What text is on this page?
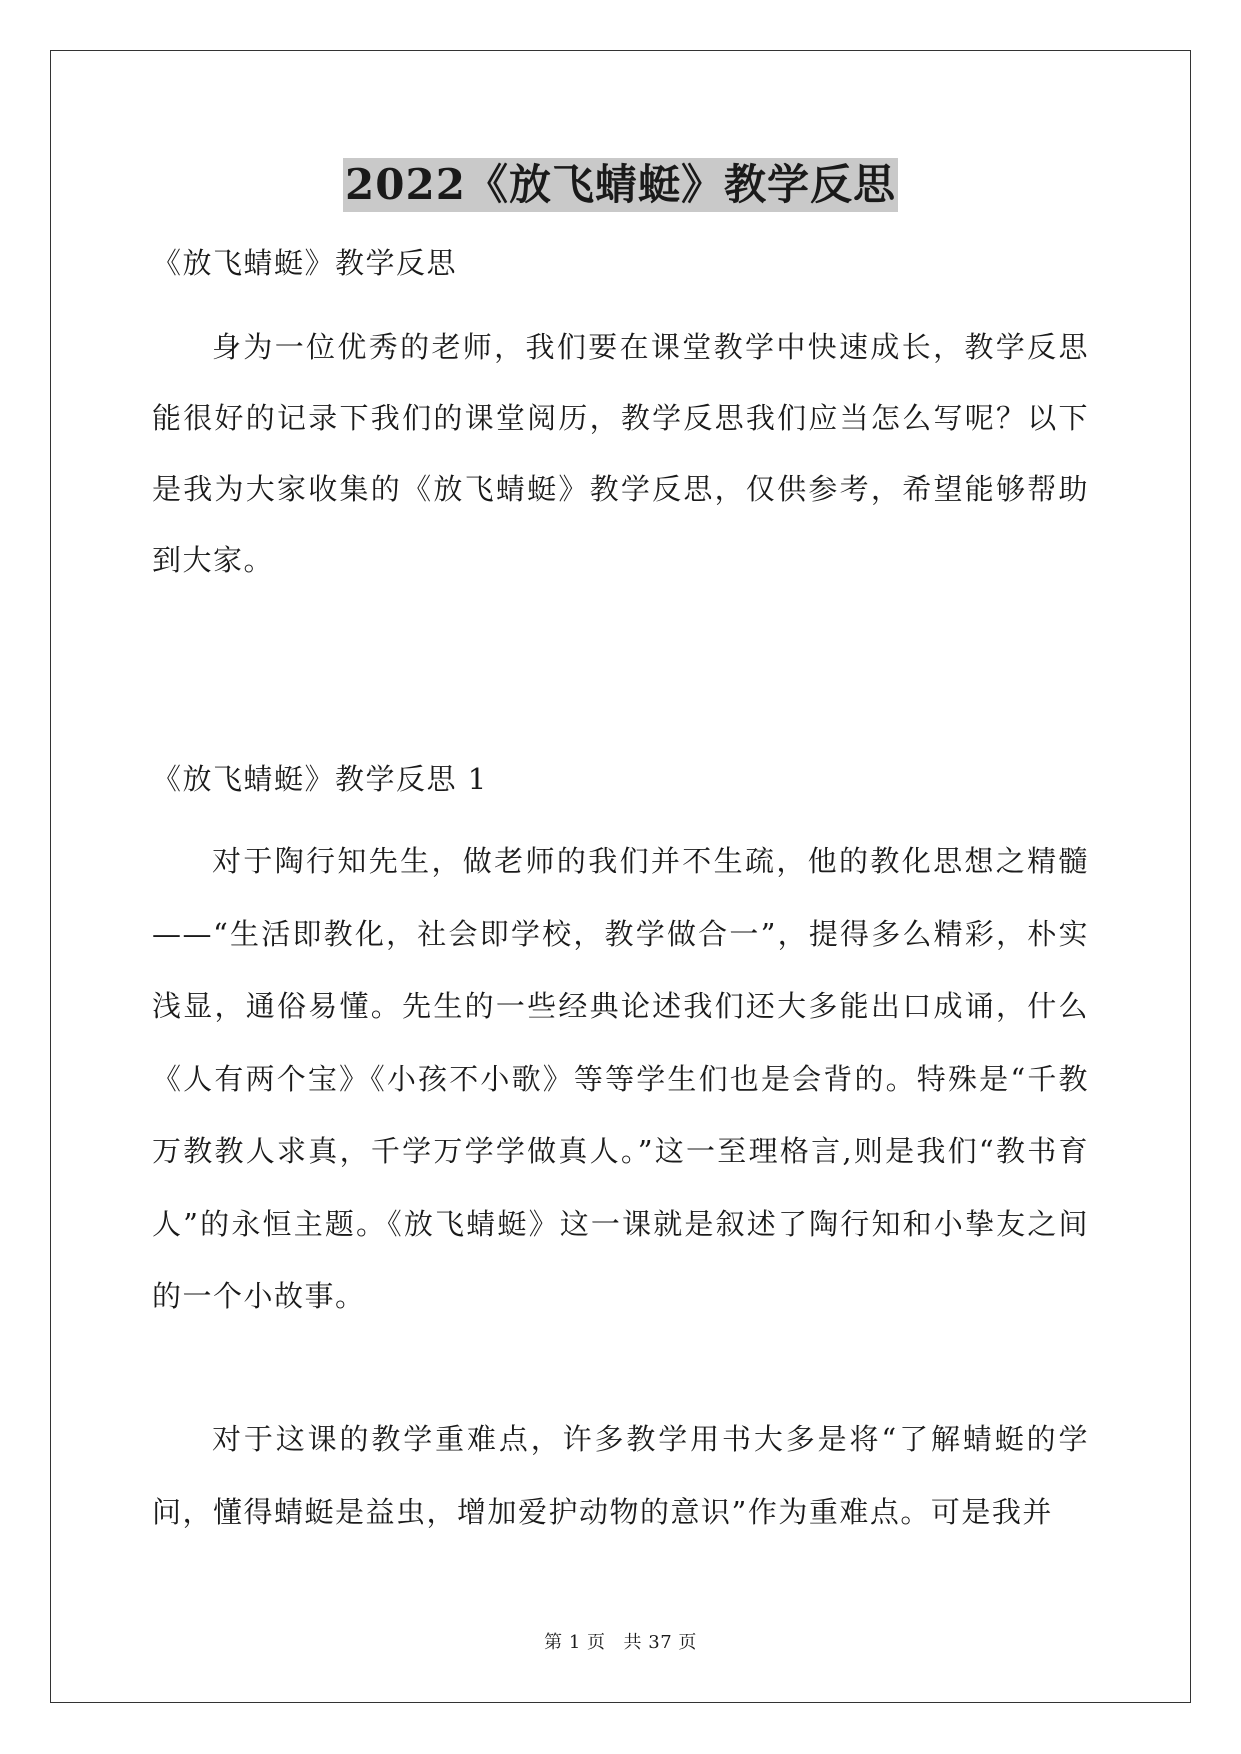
2022《放飞蜻蜓》教学反思
《放飞蜻蜓》教学反思
身为一位优秀的老师，我们要在课堂教学中快速成长，教学反思能很好的记录下我们的课堂阅历，教学反思我们应当怎么写呢？以下是我为大家收集的《放飞蜻蜓》教学反思，仅供参考，希望能够帮助到大家。
《放飞蜻蜓》教学反思 1
对于陶行知先生，做老师的我们并不生疏，他的教化思想之精髓——“生活即教化，社会即学校，教学做合一”，提得多么精彩，朴实浅显，通俗易懂。先生的一些经典论述我们还大多能出口成诵，什么《人有两个宝》《小孩不小歌》等等学生们也是会背的。特殊是“千教万教教人求真，千学万学学做真人。”这一至理格言,则是我们“教书育人”的永恒主题。《放飞蜻蜓》这一课就是叙述了陶行知和小挚友之间的一个小故事。
对于这课的教学重难点，许多教学用书大多是将“了解蜻蜓的学问，懂得蜻蜓是益虫，增加爱护动物的意识”作为重难点。可是我并
第 1 页 共 37 页
